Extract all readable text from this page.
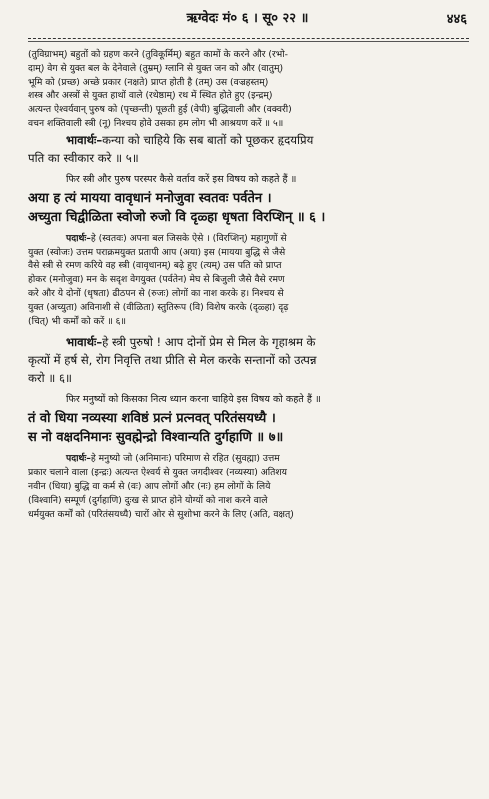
ऋग्वेदः मं० ६ । सू० २२ ॥	४४६

(तुविग्राभम्) बहुतों को ग्रहण करने (तुविकूर्मिम्) बहुत कामों के करने और (रभो-

दाम्) वेग से युक्त बल के देनेवाले (तुम्रम्) ग्लानि से युक्त जन को और (वातुम्)

भूमि को (प्रच्छ) अच्छे प्रकार (नक्षते) प्राप्त होती है (तम्) उस (वज्रहस्तम्)

शस्त्र और अस्त्रों से युक्त हाथों वाले (रथेष्ठाम्) रथ में स्थित होते हुए (इन्द्रम्)

अत्यन्त ऐश्वर्यवान् पुरुष को (पृच्छन्ती) पूछती हुई (वेपी) बुद्धिवाली और (वक्वरी)

वचन शक्तिवाली स्त्री (नू) निश्चय होवे उसका हम लोग भी आश्रयण करें ॥ ५॥

भावार्थः–कन्या को चाहिये कि सब बातों को पूछकर हृदयप्रिय

पति का स्वीकार करे ॥ ५॥

फिर स्त्री और पुरुष परस्पर कैसे वर्ताव करें इस विषय को कहते हैं ॥

अया ह त्यं मायया वावृधानं मनोजुवा स्वतवः पर्वतेन ।

अच्युता चिद्वीळिता स्वोजो रुजो वि दृळ्हा धृषता विरप्शिन् ॥ ६ ।

पदार्थः–हे (स्वतवः) अपना बल जिसके ऐसे । (विरप्शिन्) महागुणों से

युक्त (स्वोजः) उत्तम पराक्रमयुक्त प्रतापी आप (अया) इस (मायया बुद्धि से जैसे

वैसे स्त्री से रमण करिये वह स्त्री (वावृधानम्) बढ़े हुए (त्यम्) उस पति को प्राप्त

होकर (मनोजुवा) मन के सदृश वेगयुक्त (पर्वतेन) मेघ से बिजुली जैसे वैसे रमण

करे और ये दोनों (धृषता) ढीठपन से (रुजः) लोगों का नाश करके ह। निश्चय से

युक्त (अच्युता) अविनाशी से (वीळिता) स्तुतिरूप (वि) विशेष करके (दृळ्हा) दृढ़

(चित्) भी कर्मों को करें ॥ ६॥

भावार्थः–हे स्त्री पुरुषो ! आप दोनों प्रेम से मिल के गृहाश्रम के

कृत्यों में हर्ष से, रोग निवृत्ति तथा प्रीति से मेल करके सन्तानों को उत्पन्न

करो ॥ ६॥

फिर मनुष्यों को किसका नित्य ध्यान करना चाहिये इस विषय को कहते हैं ॥

तं वो धिया नव्यस्या शविष्ठं प्रत्नं प्रत्नवत् परितंसयध्यै ।

स नो वक्षदनिमानः सुवह्मेन्द्रो विश्वान्यति दुर्गहाणि ॥ ७॥

पदार्थः–हे मनुष्यो जो (अनिमानः) परिमाण से रहित (सुवह्मा) उत्तम

प्रकार चलाने वाला (इन्द्रः) अत्यन्त ऐश्वर्य से युक्त जगदीश्वर (नव्यस्या) अतिशय

नवीन (धिया) बुद्धि वा कर्म से (वः) आप लोगों और (नः) हम लोगों के लिये

(विश्वानि) सम्पूर्ण (दुर्गहाणि) दुःख से प्राप्त होने योग्यों को नाश करने वाले

धर्मयुक्त कर्मों को (परितंसयध्यै) चारों ओर से सुशोभा करने के लिए (अति, वक्षत्)
